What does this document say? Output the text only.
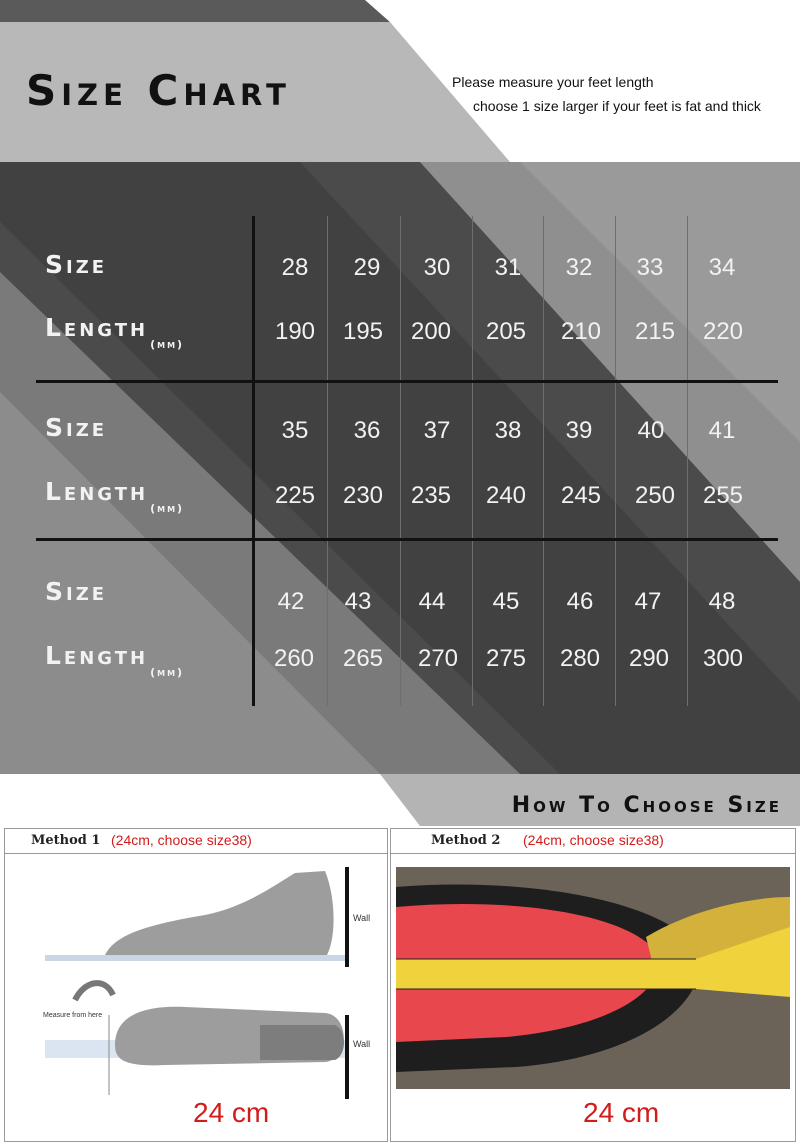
Size Chart	Please measure your feet length
choose 1 size larger if your feet is fat and thick
Size
Length$_{(mm)}$
28	29	30	31	32	33	34
190	195	200	205	210	215	220
Size
Length$_{(mm)}$
35	36	37	38	39	40	41
225	230	235	240	245	250	255
Size
Length$_{(mm)}$
42	43	44	45	46	47	48
260	265	270	275	280	290	300
How To Choose Size
Method 1 (24cm, choose size38)
Wall
Wall
Measure from here
24 cm
Method 2 (24cm, choose size38)
24 cm
